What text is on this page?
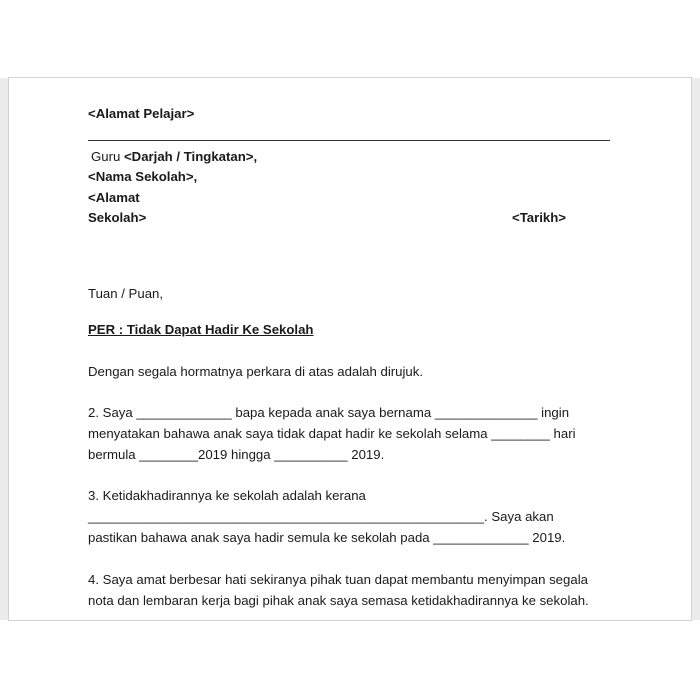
<Alamat Pelajar>
Guru <Darjah / Tingkatan>,
<Nama Sekolah>,
<Alamat
Sekolah>	<Tarikh>
Tuan / Puan,
PER : Tidak Dapat Hadir Ke Sekolah
Dengan segala hormatnya perkara di atas adalah dirujuk.
2. Saya _____________ bapa kepada anak saya bernama ______________ ingin
menyatakan bahawa anak saya tidak dapat hadir ke sekolah selama ________ hari
bermula ________2019 hingga __________ 2019.
3. Ketidakhadirannya ke sekolah adalah kerana
______________________________________________________. Saya akan
pastikan bahawa anak saya hadir semula ke sekolah pada _____________ 2019.
4. Saya amat berbesar hati sekiranya pihak tuan dapat membantu menyimpan segala
nota dan lembaran kerja bagi pihak anak saya semasa ketidakhadirannya ke sekolah.
